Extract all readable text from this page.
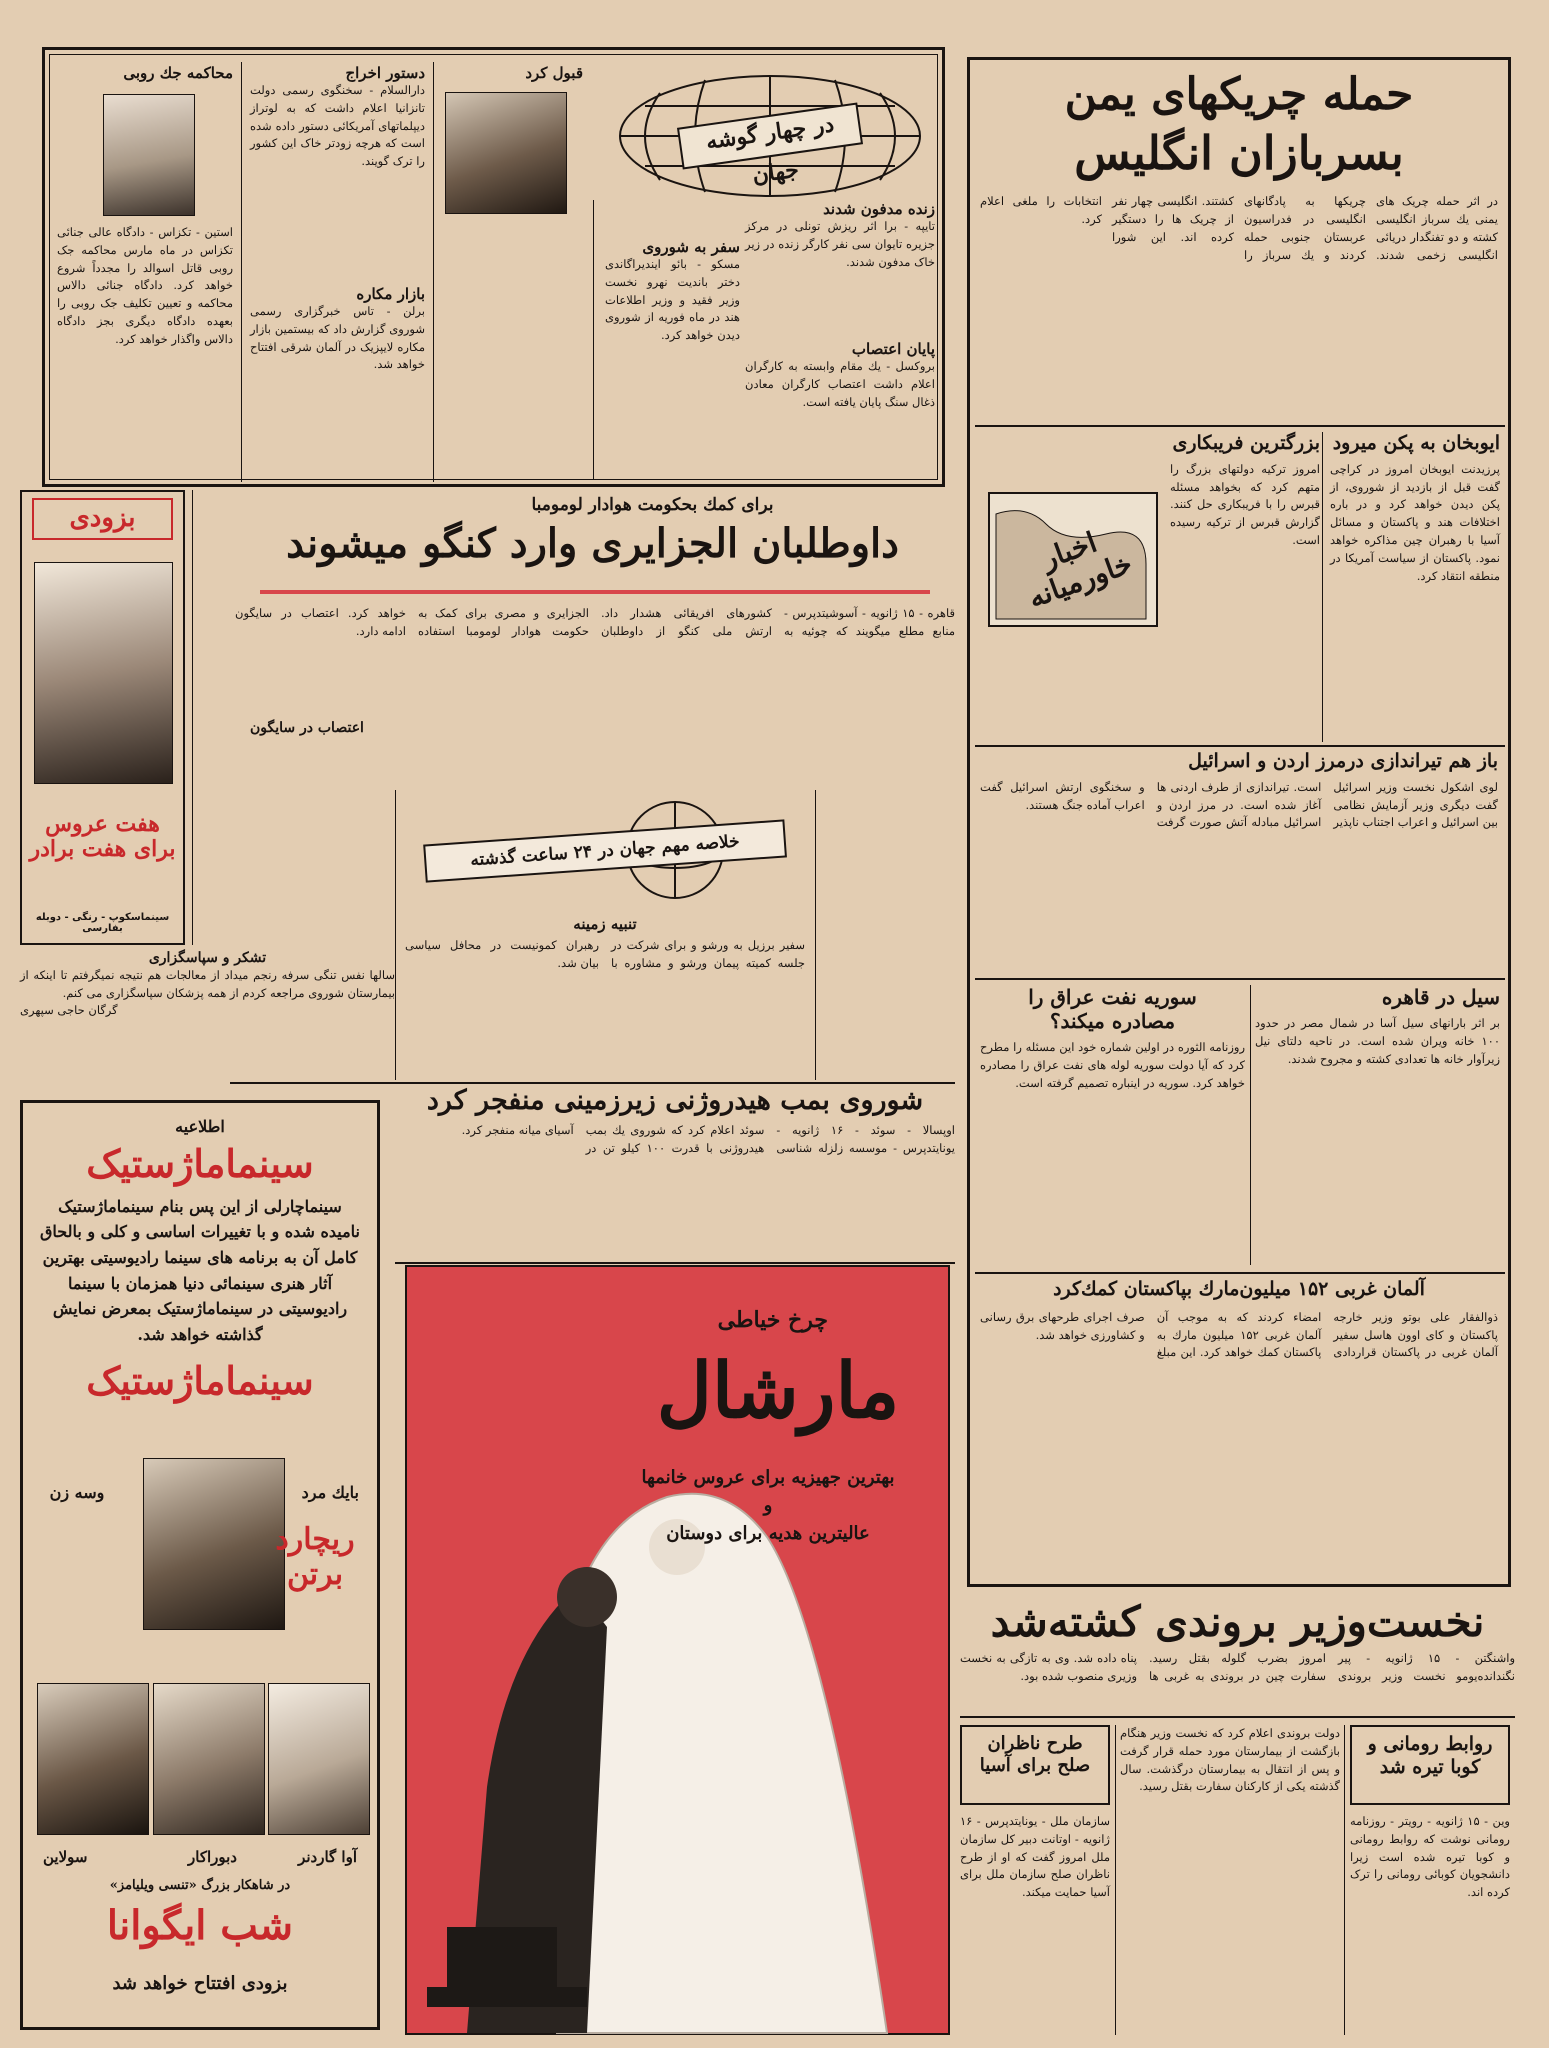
در چهار گوشه جهان
محاکمه جك روبی
استین - تکزاس - دادگاه عالی جنائی تکزاس در ماه مارس محاکمه جک روبی قاتل اسوالد را مجدداً شروع خواهد کرد. دادگاه جنائی دالاس محاکمه و تعیین تکلیف جک روبی را بعهده دادگاه دیگری بجز دادگاه دالاس واگذار خواهد کرد.
قبول کرد
دستور اخراج
دارالسلام - سخنگوی رسمی دولت تانزانیا اعلام داشت که به لوتراز دیپلماتهای آمریکائی دستور داده شده است که هرچه زودتر خاک این کشور را ترک گویند.
زنده مدفون شدند
تایپه - برا اثر ریزش تونلی در مرکز جزیره تایوان سی نفر کارگر زنده در زیر خاک مدفون شدند.
سفر به شوروی
مسکو - بائو اینديراگاندی دختر باندیت نهرو نخست وزیر فقید و وزیر اطلاعات هند در ماه فوریه از شوروی دیدن خواهد کرد.
بازار مکاره
برلن - تاس خبرگزاری رسمی شوروی گزارش داد که بیستمین بازار مکاره لایپزیک در آلمان شرقی افتتاح خواهد شد.
پایان اعتصاب
بروکسل - یك مقام وابسته به کارگران اعلام داشت اعتصاب کارگران معادن ذغال سنگ پایان یافته است.
حمله چریکهای یمن
بسربازان انگلیس
در اثر حمله چریک های یمنی یك سرباز انگلیسی کشته و دو تفنگدار دریائی انگلیسی زخمی شدند. چریکها به پادگانهای انگلیسی در فدراسیون عربستان جنوبی حمله کردند و یك سرباز را کشتند. انگلیسی چهار نفر از چریک ها را دستگیر کرده اند. این شورا انتخابات را ملغی اعلام کرد.
ایوبخان به پکن میرود
پرزیدنت ایوبخان امروز در کراچی گفت قبل از بازدید از شوروی، از پکن دیدن خواهد کرد و در باره اختلافات هند و پاکستان و مسائل آسیا با رهبران چین مذاکره خواهد نمود. پاکستان از سیاست آمریکا در منطقه انتقاد کرد.
بزرگترین فریبکاری
امروز ترکیه دولتهای بزرگ را متهم کرد که بخواهد مسئله قبرس را با فریبکاری حل کنند. گزارش قبرس از ترکیه رسیده است.
اخبار خاورمیانه
باز هم تیراندازی درمرز اردن و اسرائیل
لوی اشکول نخست وزیر اسرائیل گفت دیگری وزیر آزمایش نظامی بین اسرائیل و اعراب اجتناب ناپذیر است. تیراندازی از طرف اردنی ها آغاز شده است. در مرز اردن و اسرائیل مبادله آتش صورت گرفت و سخنگوی ارتش اسرائیل گفت اعراب آماده جنگ هستند.
سیل در قاهره
بر اثر بارانهای سیل آسا در شمال مصر در حدود ۱۰۰ خانه ویران شده است. در ناحیه دلتای نیل زیرآوار خانه ها تعدادی کشته و مجروح شدند.
سوریه نفت عراق را
مصادره میکند؟
روزنامه الثوره در اولین شماره خود این مسئله را مطرح کرد که آیا دولت سوریه لوله های نفت عراق را مصادره خواهد کرد. سوریه در اینباره تصمیم گرفته است.
آلمان غربی ۱۵۲ میلیون‌مارك بپاکستان کمك‌کرد
ذوالفقار علی بوتو وزیر خارجه پاکستان و کای اوون هاسل سفیر آلمان غربی در پاکستان قراردادی امضاء کردند که به موجب آن آلمان غربی ۱۵۲ میلیون مارك به پاکستان کمك خواهد کرد. این مبلغ صرف اجرای طرحهای برق رسانی و کشاورزی خواهد شد.
نخست‌وزیر بروندی کشته‌شد
واشنگتن - ۱۵ ژانویه - پیر نگندانده‌یومو نخست وزیر بروندی امروز بضرب گلوله بقتل رسید. سفارت چین در بروندی به غربی ها پناه داده شد. وی به تازگی به نخست وزیری منصوب شده بود.
روابط رومانی و
کوبا تیره شد
وین - ۱۵ ژانویه - رویتر - روزنامه رومانی نوشت که روابط رومانی و کوبا تیره شده است زیرا دانشجویان کوبائی رومانی را ترک کرده اند.
دولت بروندی اعلام کرد که نخست وزیر هنگام بازگشت از بیمارستان مورد حمله قرار گرفت و پس از انتقال به بیمارستان درگذشت. سال گذشته یکی از کارکنان سفارت بقتل رسید.
طرح ناظران
صلح برای آسیا
سازمان ملل - یونایتدپرس - ۱۶ ژانویه - اوتانت دبیر کل سازمان ملل امروز گفت که او از طرح ناظران صلح سازمان ملل برای آسیا حمایت میکند.
برای کمك بحکومت هوادار لومومبا
داوطلبان الجزایری وارد کنگو میشوند
قاهره - ۱۵ ژانویه - آسوشیتدپرس - منابع مطلع میگویند که چوئیه به کشورهای افریقائی هشدار داد. ارتش ملی کنگو از داوطلبان الجزایری و مصری برای کمک به حکومت هوادار لومومبا استفاده خواهد کرد. اعتصاب در سایگون ادامه دارد.
اعتصاب در سایگون
خلاصه مهم جهان در ۲۴ ساعت گذشته
تنبیه زمینه
سفیر برزیل به ورشو و برای شرکت در جلسه کمیته پیمان ورشو و مشاوره با رهبران کمونیست در محافل سیاسی بیان شد.
شوروی بمب هیدروژنی زیرزمینی منفجر کرد
اوپسالا - سوئد - ۱۶ ژانویه - یونایتدپرس - موسسه زلزله شناسی سوئد اعلام کرد که شوروی یك بمب هیدروژنی با قدرت ۱۰۰ کیلو تن در آسیای میانه منفجر کرد.
بزودی
هفت عروس برای هفت برادر
سینماسکوپ - رنگی - دوبله بفارسی
تشکر و سپاسگزاری
سالها نفس تنگی سرفه رنجم میداد از معالجات هم نتیجه نمیگرفتم تا اینکه از بیمارستان شوروی مراجعه کردم از همه پزشکان سپاسگزاری می کنم.
گرگان حاجی سپهری
اطلاعیه
سینماماژستیک
سینماچارلی از این پس بنام سینماماژستیک نامیده شده و با تغییرات اساسی و کلی و بالحاق کامل آن به برنامه های سینما رادیوسیتی بهترین آثار هنری سینمائی دنیا همزمان با سینما رادیوسیتی در سینماماژستیک بمعرض نمایش گذاشته خواهد شد.
سینماماژستیک
بایك مرد
وسه زن
ریچارد برتن
آوا گاردنر
دبوراکار
سولاین
در شاهکار بزرگ «تنسی ویلیامز»
شب ایگوانا
بزودی افتتاح خواهد شد
چرخ خیاطی
مارشال
بهترین جهیزیه برای عروس خانمها
و
عالیترین هدیه برای دوستان
